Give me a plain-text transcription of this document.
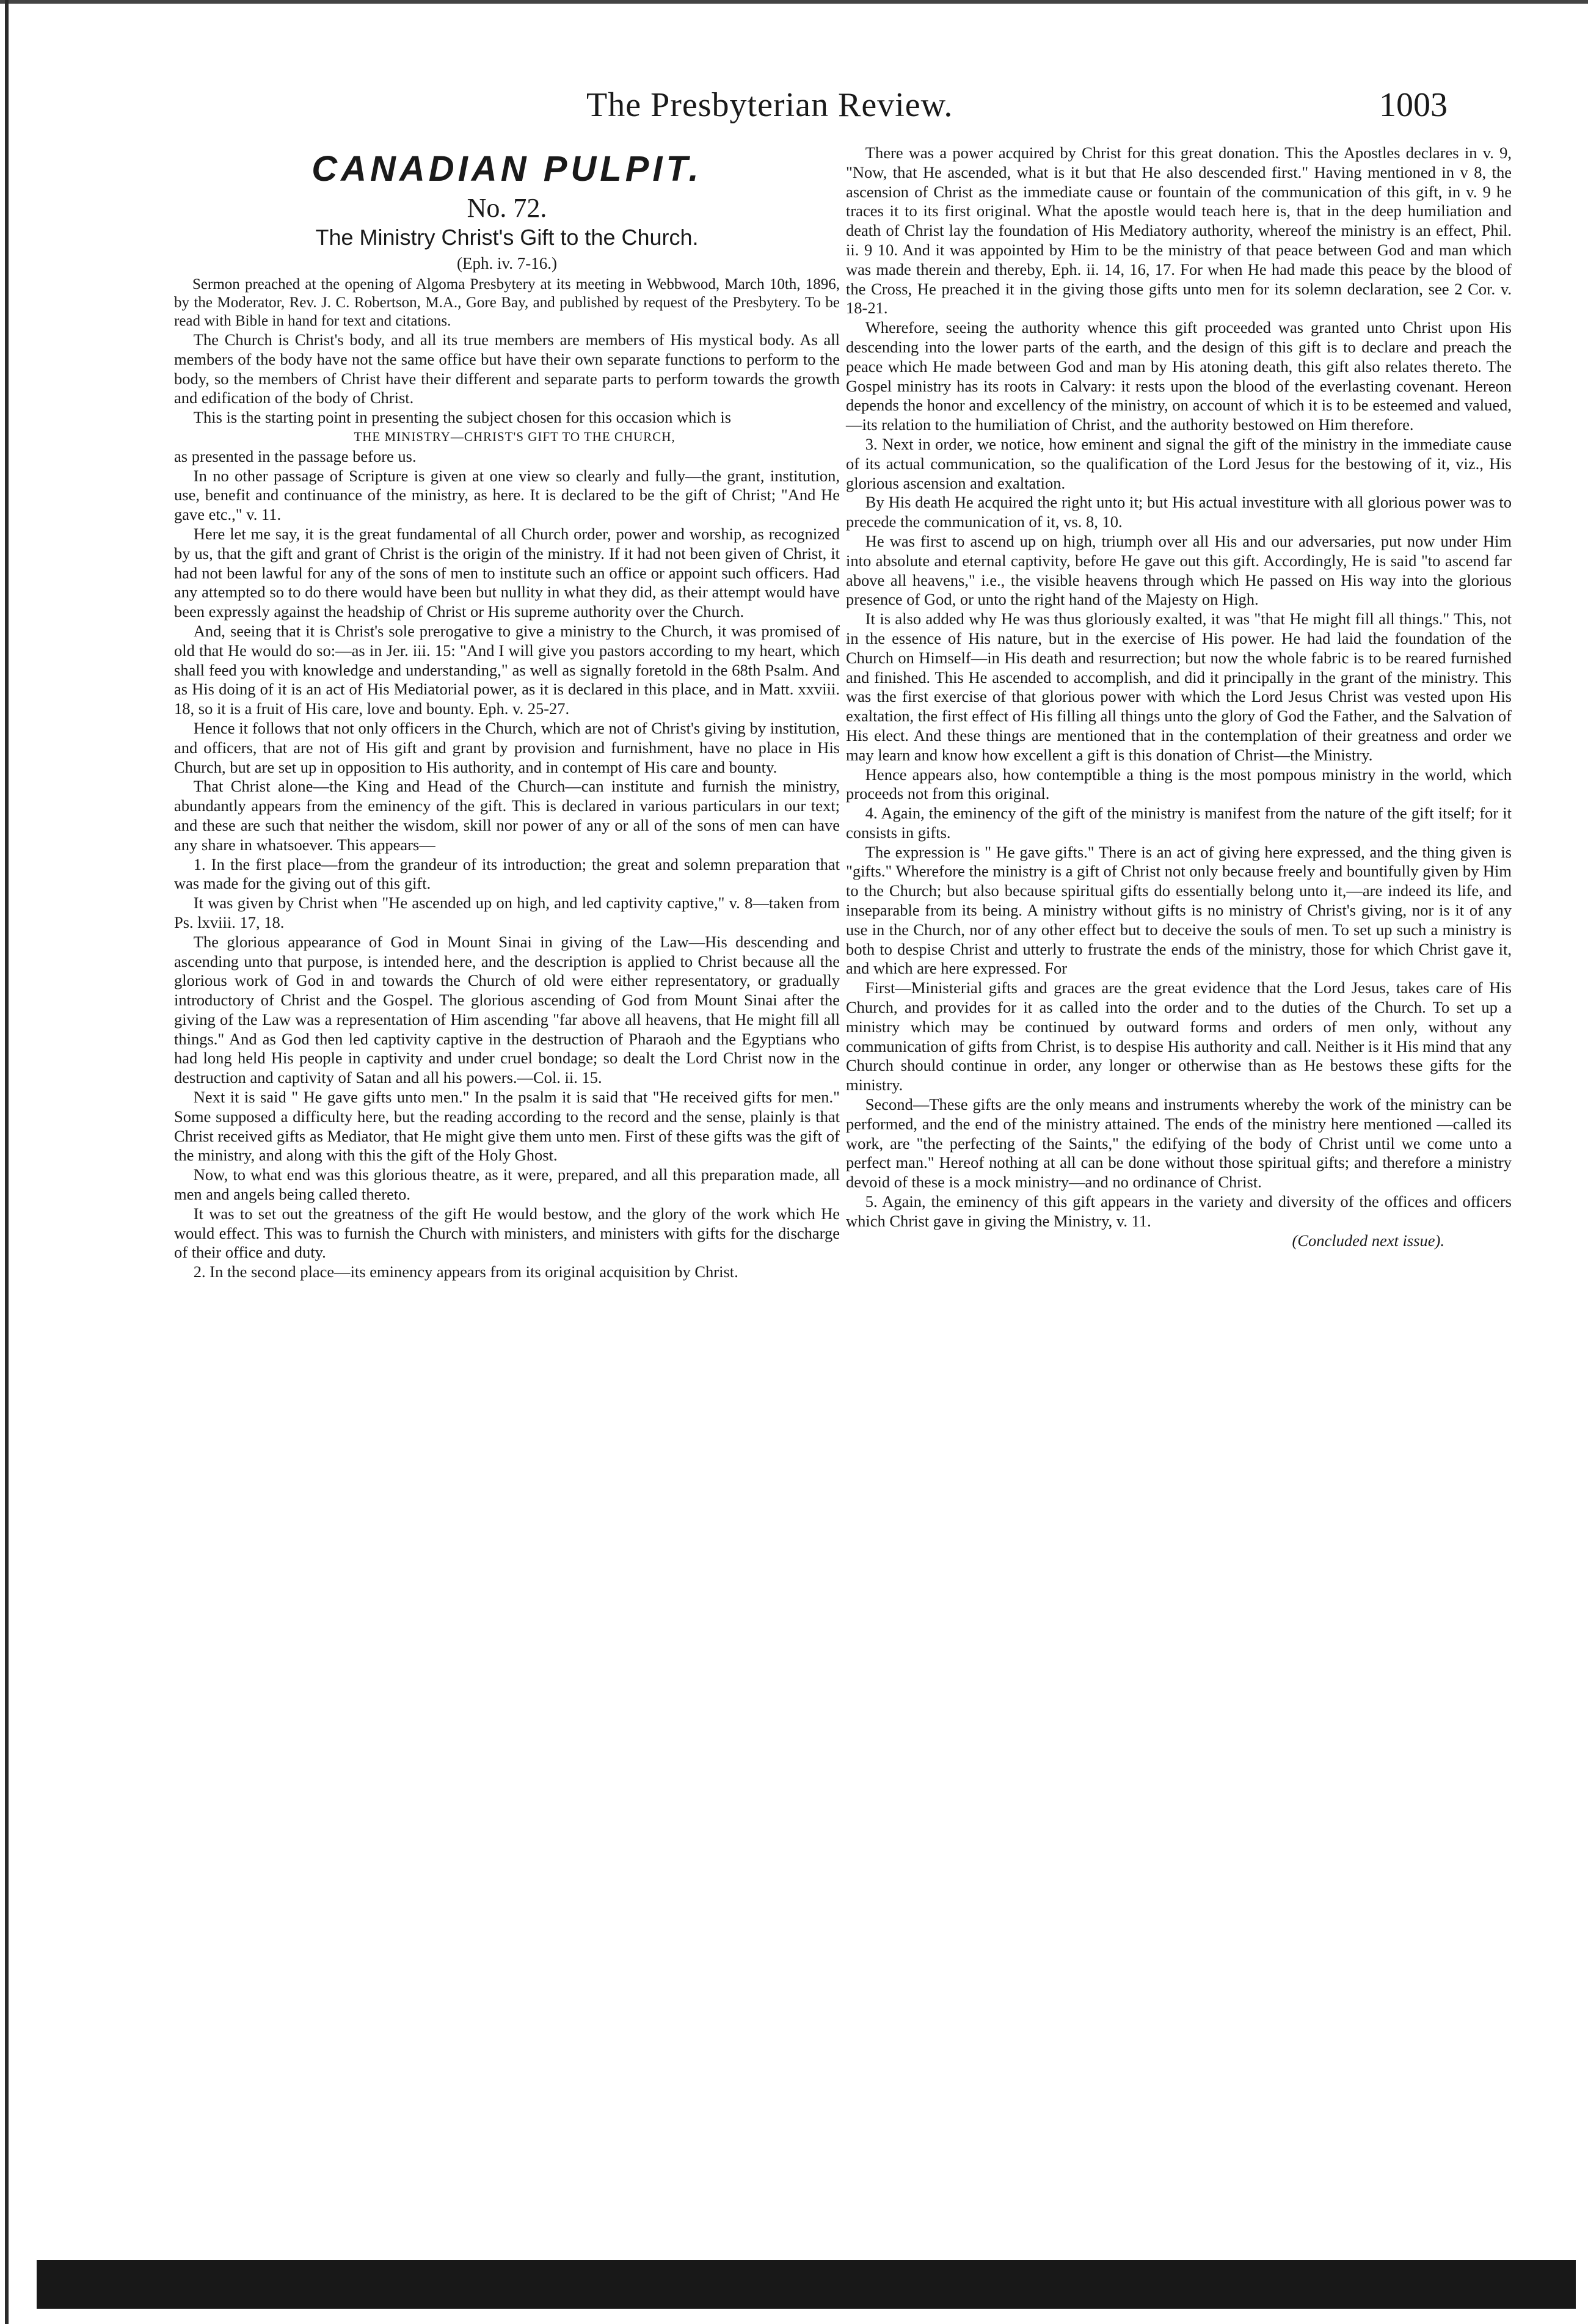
The Presbyterian Review.	1003
CANADIAN PULPIT.
No. 72.
The Ministry Christ's Gift to the Church.
(Eph. iv. 7-16.)

Sermon preached at the opening of Algoma Presbytery at its meeting in Webbwood, March 10th, 1896, by the Moderator, Rev. J. C. Robertson, M.A., Gore Bay, and published by request of the Presbytery. To be read with Bible in hand for text and citations.

The Church is Christ's body, and all its true members are members of His mystical body. As all members of the body have not the same office but have their own separate functions to perform to the body, so the members of Christ have their different and separate parts to perform towards the growth and edification of the body of Christ.

This is the starting point in presenting the subject chosen for this occasion which is

THE MINISTRY—CHRIST'S GIFT TO THE CHURCH,

as presented in the passage before us.

In no other passage of Scripture is given at one view so clearly and fully—the grant, institution, use, benefit and continuance of the ministry, as here. It is declared to be the gift of Christ; "And He gave etc.," v. 11.

Here let me say, it is the great fundamental of all Church order, power and worship, as recognized by us, that the gift and grant of Christ is the origin of the ministry. If it had not been given of Christ, it had not been lawful for any of the sons of men to institute such an office or appoint such officers. Had any attempted so to do there would have been but nullity in what they did, as their attempt would have been expressly against the headship of Christ or His supreme authority over the Church.

And, seeing that it is Christ's sole prerogative to give a ministry to the Church, it was promised of old that He would do so:—as in Jer. iii. 15: "And I will give you pastors according to my heart, which shall feed you with knowledge and understanding," as well as signally foretold in the 68th Psalm. And as His doing of it is an act of His Mediatorial power, as it is declared in this place, and in Matt. xxviii. 18, so it is a fruit of His care, love and bounty. Eph. v. 25-27.

Hence it follows that not only officers in the Church, which are not of Christ's giving by institution, and officers, that are not of His gift and grant by provision and furnishment, have no place in His Church, but are set up in opposition to His authority, and in contempt of His care and bounty.

That Christ alone—the King and Head of the Church—can institute and furnish the ministry, abundantly appears from the eminency of the gift. This is declared in various particulars in our text; and these are such that neither the wisdom, skill nor power of any or all of the sons of men can have any share in whatsoever. This appears—

1. In the first place—from the grandeur of its introduction; the great and solemn preparation that was made for the giving out of this gift.

It was given by Christ when "He ascended up on high, and led captivity captive," v. 8—taken from Ps. lxviii. 17, 18.

The glorious appearance of God in Mount Sinai in giving of the Law—His descending and ascending unto that purpose, is intended here, and the description is applied to Christ because all the glorious work of God in and towards the Church of old were either representatory, or gradually introductory of Christ and the Gospel. The glorious ascending of God from Mount Sinai after the giving of the Law was a representation of Him ascending "far above all heavens, that He might fill all things." And as God then led captivity captive in the destruction of Pharaoh and the Egyptians who had long held His people in captivity and under cruel bondage; so dealt the Lord Christ now in the destruction and captivity of Satan and all his powers.—Col. ii. 15.

Next it is said " He gave gifts unto men." In the psalm it is said that "He received gifts for men." Some supposed a difficulty here, but the reading according to the record and the sense, plainly is that Christ received gifts as Mediator, that He might give them unto men. First of these gifts was the gift of the ministry, and along with this the gift of the Holy Ghost.

Now, to what end was this glorious theatre, as it were, prepared, and all this preparation made, all men and angels being called thereto.

It was to set out the greatness of the gift He would bestow, and the glory of the work which He would effect. This was to furnish the Church with ministers, and ministers with gifts for the discharge of their office and duty.

2. In the second place—its eminency appears from its original acquisition by Christ.

There was a power acquired by Christ for this great donation. This the Apostles declares in v. 9, "Now, that He ascended, what is it but that He also descended first." Having mentioned in v 8, the ascension of Christ as the immediate cause or fountain of the communication of this gift, in v. 9 he traces it to its first original. What the apostle would teach here is, that in the deep humiliation and death of Christ lay the foundation of His Mediatory authority, whereof the ministry is an effect, Phil. ii. 9 10. And it was appointed by Him to be the ministry of that peace between God and man which was made therein and thereby, Eph. ii. 14, 16, 17. For when He had made this peace by the blood of the Cross, He preached it in the giving those gifts unto men for its solemn declaration, see 2 Cor. v. 18-21.

Wherefore, seeing the authority whence this gift proceeded was granted unto Christ upon His descending into the lower parts of the earth, and the design of this gift is to declare and preach the peace which He made between God and man by His atoning death, this gift also relates thereto. The Gospel ministry has its roots in Calvary: it rests upon the blood of the everlasting covenant. Hereon depends the honor and excellency of the ministry, on account of which it is to be esteemed and valued,—its relation to the humiliation of Christ, and the authority bestowed on Him therefore.

3. Next in order, we notice, how eminent and signal the gift of the ministry in the immediate cause of its actual communication, so the qualification of the Lord Jesus for the bestowing of it, viz., His glorious ascension and exaltation.

By His death He acquired the right unto it; but His actual investiture with all glorious power was to precede the communication of it, vs. 8, 10.

He was first to ascend up on high, triumph over all His and our adversaries, put now under Him into absolute and eternal captivity, before He gave out this gift. Accordingly, He is said "to ascend far above all heavens," i.e., the visible heavens through which He passed on His way into the glorious presence of God, or unto the right hand of the Majesty on High.

It is also added why He was thus gloriously exalted, it was "that He might fill all things." This, not in the essence of His nature, but in the exercise of His power. He had laid the foundation of the Church on Himself—in His death and resurrection; but now the whole fabric is to be reared furnished and finished. This He ascended to accomplish, and did it principally in the grant of the ministry. This was the first exercise of that glorious power with which the Lord Jesus Christ was vested upon His exaltation, the first effect of His filling all things unto the glory of God the Father, and the Salvation of His elect. And these things are mentioned that in the contemplation of their greatness and order we may learn and know how excellent a gift is this donation of Christ—the Ministry.

Hence appears also, how contemptible a thing is the most pompous ministry in the world, which proceeds not from this original.

4. Again, the eminency of the gift of the ministry is manifest from the nature of the gift itself; for it consists in gifts.

The expression is " He gave gifts." There is an act of giving here expressed, and the thing given is "gifts." Wherefore the ministry is a gift of Christ not only because freely and bountifully given by Him to the Church; but also because spiritual gifts do essentially belong unto it,—are indeed its life, and inseparable from its being. A ministry without gifts is no ministry of Christ's giving, nor is it of any use in the Church, nor of any other effect but to deceive the souls of men. To set up such a ministry is both to despise Christ and utterly to frustrate the ends of the ministry, those for which Christ gave it, and which are here expressed. For

First—Ministerial gifts and graces are the great evidence that the Lord Jesus, takes care of His Church, and provides for it as called into the order and to the duties of the Church. To set up a ministry which may be continued by outward forms and orders of men only, without any communication of gifts from Christ, is to despise His authority and call. Neither is it His mind that any Church should continue in order, any longer or otherwise than as He bestows these gifts for the ministry.

Second—These gifts are the only means and instruments whereby the work of the ministry can be performed, and the end of the ministry attained. The ends of the ministry here mentioned —called its work, are "the perfecting of the Saints," the edifying of the body of Christ until we come unto a perfect man." Hereof nothing at all can be done without those spiritual gifts; and therefore a ministry devoid of these is a mock ministry—and no ordinance of Christ.

5. Again, the eminency of this gift appears in the variety and diversity of the offices and officers which Christ gave in giving the Ministry, v. 11.

(Concluded next issue).
